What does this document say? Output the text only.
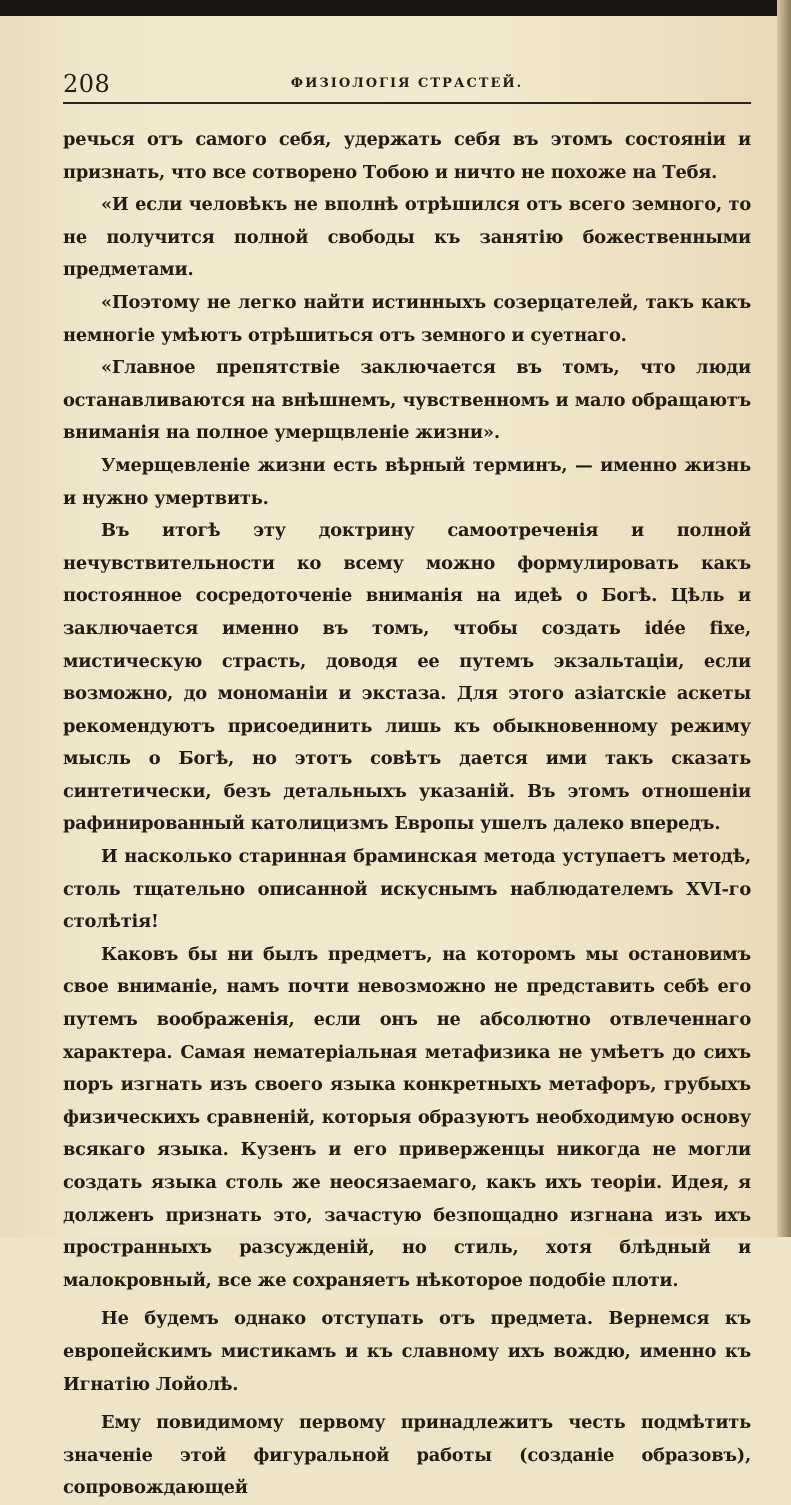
208	ФИЗІОЛОГІЯ СТРАСТЕЙ.

речься отъ самого себя, удержать себя въ этомъ состояніи и признать, что все сотворено Тобою и ничто не похоже на Тебя.

«И если человѣкъ не вполнѣ отрѣшился отъ всего земного, то не получится полной свободы къ занятію божественными предметами.

«Поэтому не легко найти истинныхъ созерцателей, такъ какъ немногіе умѣютъ отрѣшиться отъ земного и суетнаго.

«Главное препятствіе заключается въ томъ, что люди останавливаются на внѣшнемъ, чувственномъ и мало обращаютъ вниманія на полное умерщвленіе жизни».

Умерщевленіе жизни есть вѣрный терминъ, — именно жизнь и нужно умертвить.

Въ итогѣ эту доктрину самоотреченія и полной нечувствительности ко всему можно формулировать какъ постоянное сосредоточеніе вниманія на идеѣ о Богѣ. Цѣль и заключается именно въ томъ, чтобы создать idée fixe, мистическую страсть, доводя ее путемъ экзальтаціи, если возможно, до мономаніи и экстаза. Для этого азіатскіе аскеты рекомендуютъ присоединить лишь къ обыкновенному режиму мысль о Богѣ, но этотъ совѣтъ дается ими такъ сказать синтетически, безъ детальныхъ указаній. Въ этомъ отношеніи рафинированный католицизмъ Европы ушелъ далеко впередъ.

И насколько старинная браминская метода уступаетъ методѣ, столь тщательно описанной искуснымъ наблюдателемъ XVI-го столѣтія!

Каковъ бы ни былъ предметъ, на которомъ мы остановимъ свое вниманіе, намъ почти невозможно не представить себѣ его путемъ воображенія, если онъ не абсолютно отвлеченнаго характера. Самая нематеріальная метафизика не умѣетъ до сихъ поръ изгнать изъ своего языка конкретныхъ метафоръ, грубыхъ физическихъ сравненій, которыя образуютъ необходимую основу всякаго языка. Кузенъ и его приверженцы никогда не могли создать языка столь же неосязаемаго, какъ ихъ теоріи. Идея, я долженъ признать это, зачастую безпощадно изгнана изъ ихъ пространныхъ разсужденій, но стиль, хотя блѣдный и малокровный, все же сохраняетъ нѣкоторое подобіе плоти.

Не будемъ однако отступать отъ предмета. Вернемся къ европейскимъ мистикамъ и къ славному ихъ вождю, именно къ Игнатію Лойолѣ.

Ему повидимому первому принадлежитъ честь подмѣтить значеніе этой фигуральной работы (созданіе образовъ), сопровождающей
